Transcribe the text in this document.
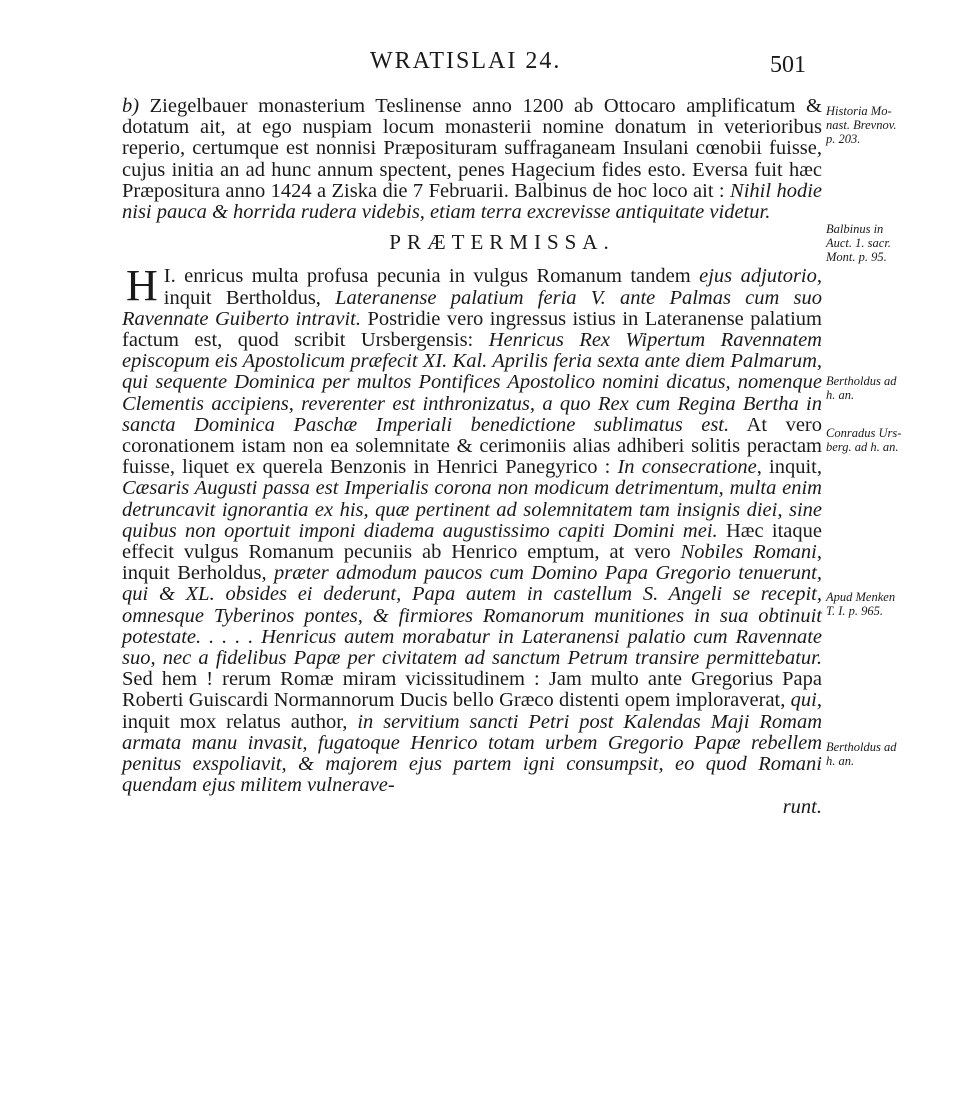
WRATISLAI 24.	501

b) Ziegelbauer monasterium Teslinense anno 1200 ab Ottocaro amplificatum & dotatum ait, at ego nuspiam locum monasterii nomine donatum in veterioribus reperio, certumque est nonnisi Præposituram suffraganeam Insulani cœnobii fuisse, cujus initia an ad hunc annum spectent, penes Hagecium fides esto. Eversa fuit hæc Præpositura anno 1424 a Ziska die 7 Februarii. Balbinus de hoc loco ait : Nihil hodie nisi pauca & horrida rudera videbis, etiam terra excrevisse antiquitate videtur.

PRÆTERMISSA.

I.
H enricus multa profusa pecunia in vulgus Romanum tandem ejus adjutorio, inquit Bertholdus, Lateranense palatium feria V. ante Palmas cum suo Ravennate Guiberto intravit. Postridie vero ingressus istius in Lateranense palatium factum est, quod scribit Ursbergensis: Henricus Rex Wipertum Ravennatem episcopum eis Apostolicum præfecit XI. Kal. Aprilis feria sexta ante diem Palmarum, qui sequente Dominica per multos Pontifices Apostolico nomini dicatus, nomenque Clementis accipiens, reverenter est inthronizatus, a quo Rex cum Regina Bertha in sancta Dominica Paschæ Imperiali benedictione sublimatus est. At vero coronationem istam non ea solemnitate & cerimoniis alias adhiberi solitis peractam fuisse, liquet ex querela Benzonis in Henrici Panegyrico : In consecratione, inquit, Cæsaris Augusti passa est Imperialis corona non modicum detrimentum, multa enim detruncavit ignorantia ex his, quæ pertinent ad solemnitatem tam insignis diei, sine quibus non oportuit imponi diadema augustissimo capiti Domini mei. Hæc itaque effecit vulgus Romanum pecuniis ab Henrico emptum, at vero Nobiles Romani, inquit Berholdus, præter admodum paucos cum Domino Papa Gregorio tenuerunt, qui & XL. obsides ei dederunt, Papa autem in castellum S. Angeli se recepit, omnesque Tyberinos pontes, & firmiores Romanorum munitiones in sua obtinuit potestate. . . . . Henricus autem morabatur in Lateranensi palatio cum Ravennate suo, nec a fidelibus Papæ per civitatem ad sanctum Petrum transire permittebatur. Sed hem ! rerum Romæ miram vicissitudinem : Jam multo ante Gregorius Papa Roberti Guiscardi Normannorum Ducis bello Græco distenti opem imploraverat, qui, inquit mox relatus author, in servitium sancti Petri post Kalendas Maji Romam armata manu invasit, fugatoque Henrico totam urbem Gregorio Papæ rebellem penitus exspoliavit, & majorem ejus partem igni consumpsit, eo quod Romani quendam ejus militem vulnerave-

runt.
Historia Mo-
nast. Brevnov.
p. 203.
Balbinus in
Auct. 1. sacr.
Mont. p. 95.
Bertholdus ad
h. an.
Conradus Urs-
berg. ad h. an.
Apud Menken
T. I. p. 965.
Bertholdus ad
h. an.
